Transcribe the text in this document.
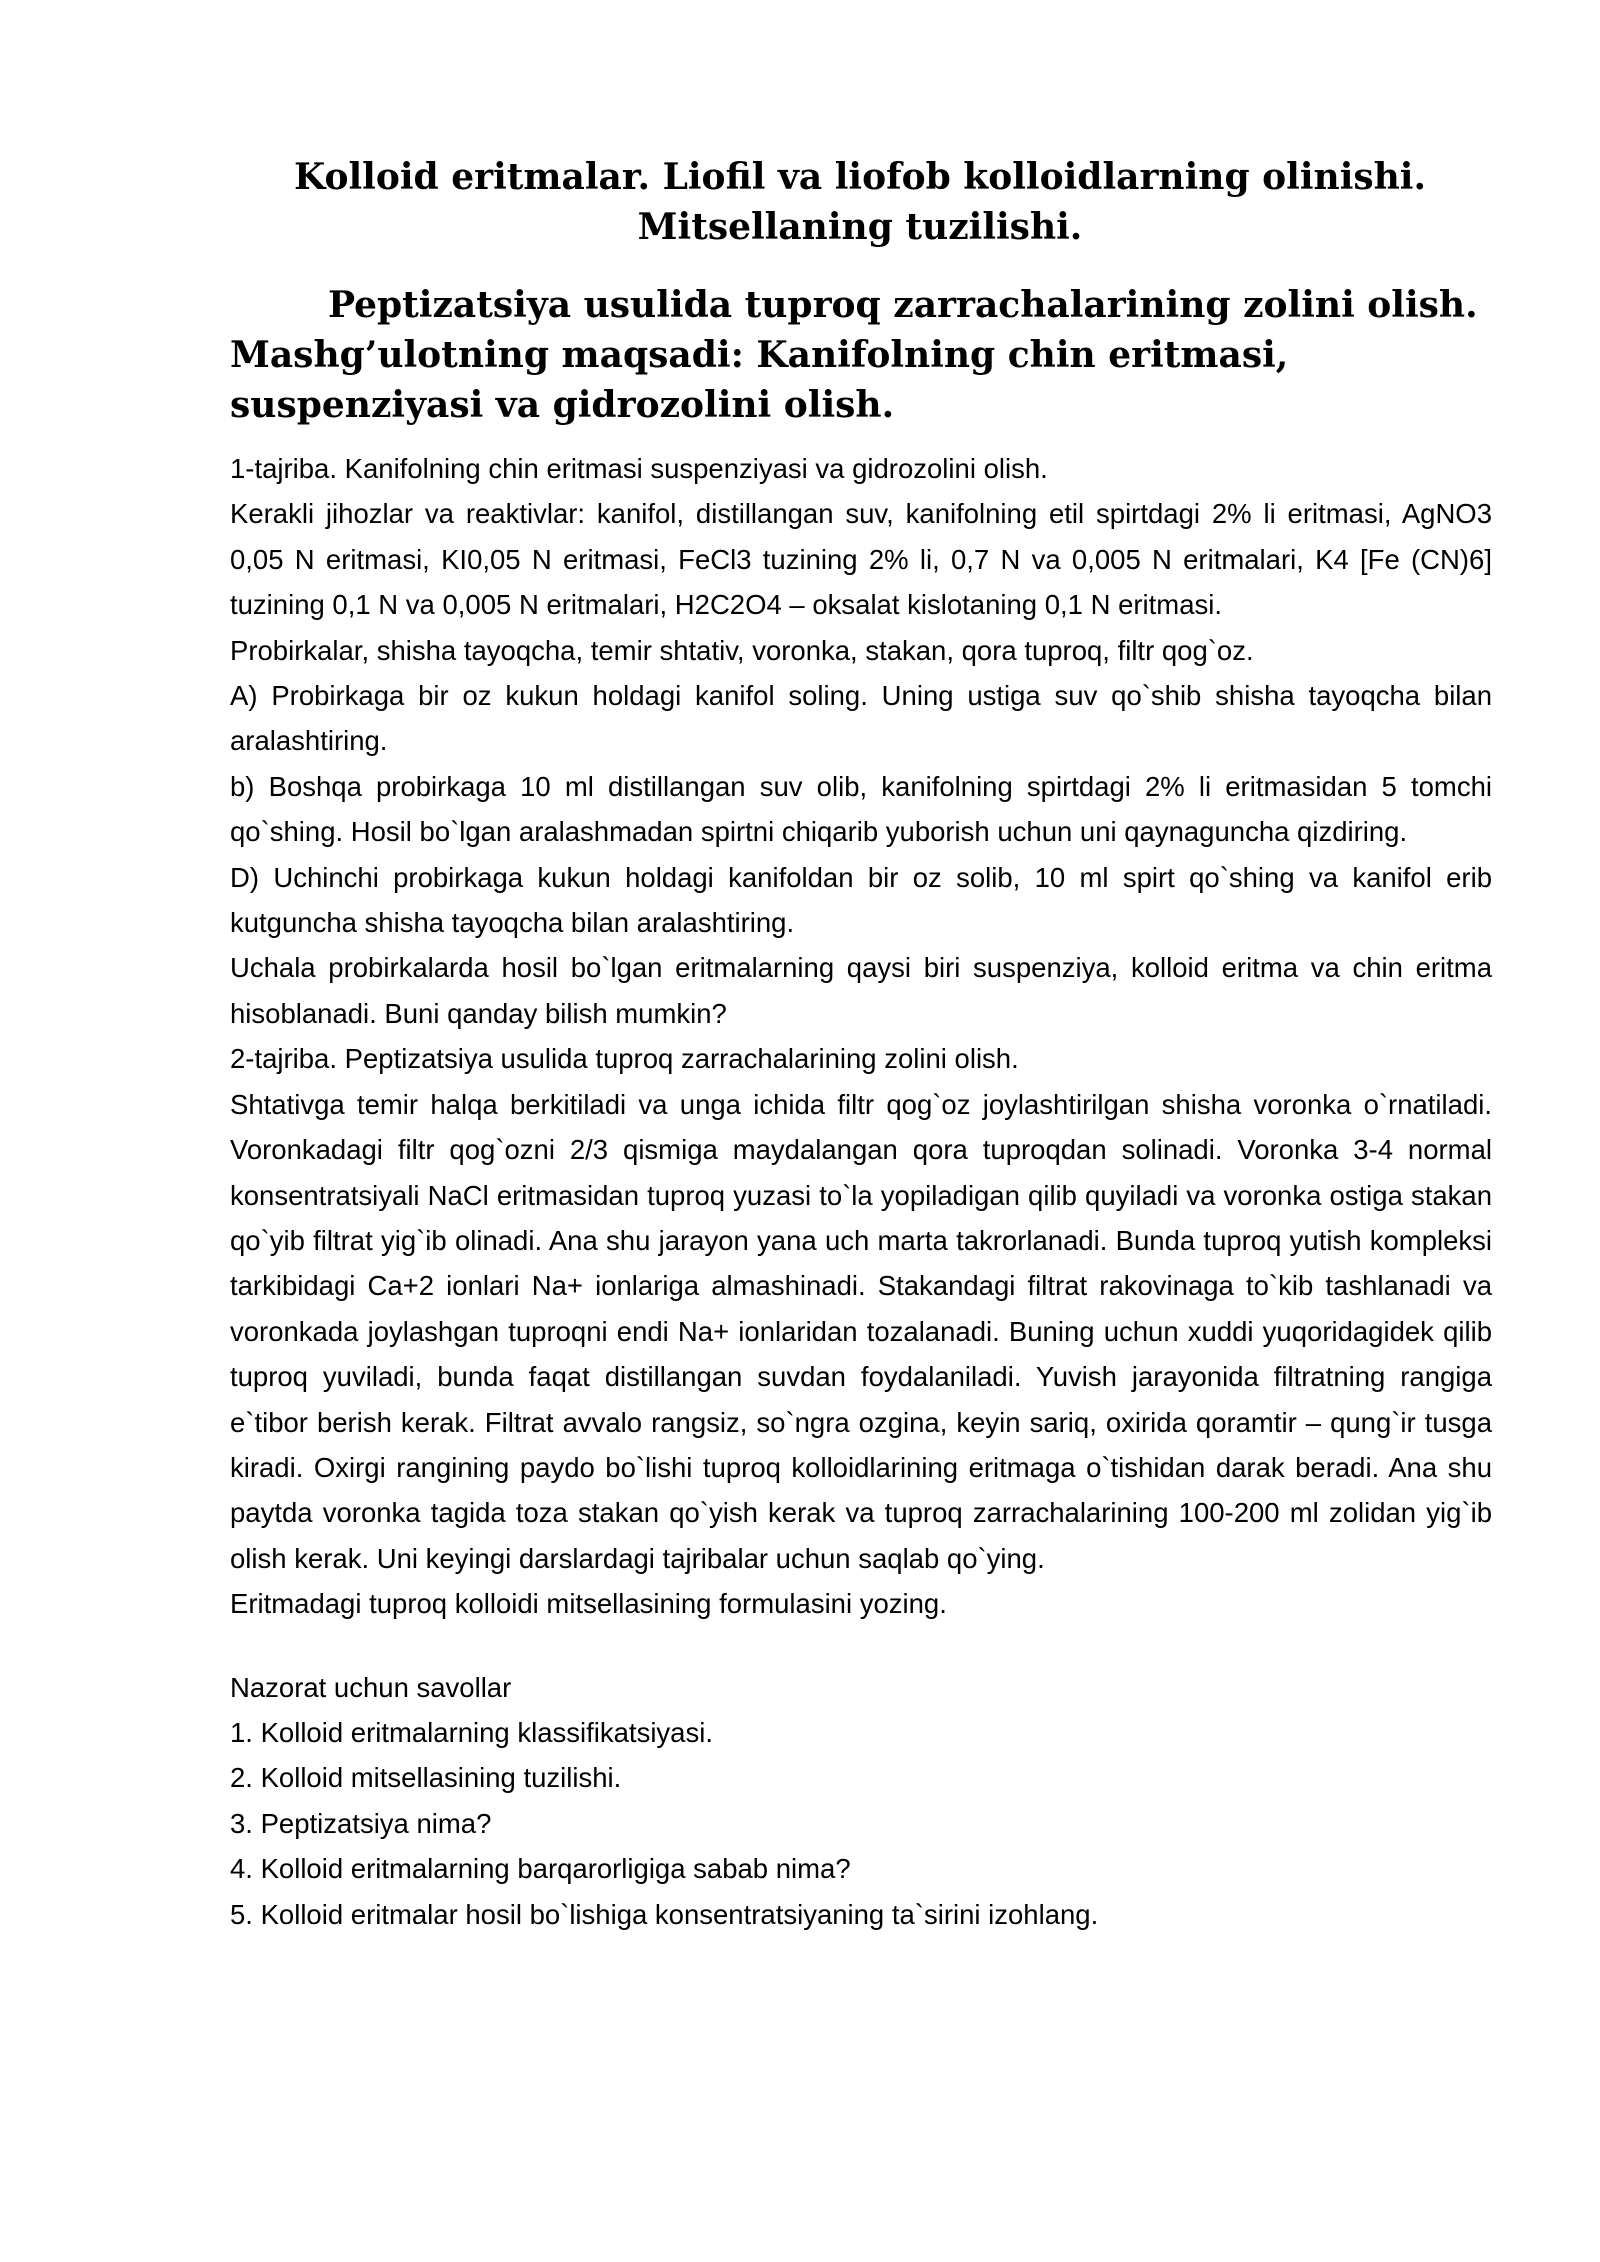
Kolloid eritmalar. Liofil va liofob kolloidlarning olinishi.
Mitsellaning tuzilishi.
Peptizatsiya usulida tuproq zarrachalarining zolini olish.
Mashg’ulotning maqsadi: Kanifolning chin eritmasi, suspenziyasi va gidrozolini olish.

1-tajriba. Kanifolning chin eritmasi suspenziyasi va gidrozolini olish.

Kerakli jihozlar va reaktivlar: kanifol, distillangan suv, kanifolning etil spirtdagi 2% li eritmasi, AgNO3 0,05 N eritmasi, KI0,05 N eritmasi, FeCl3 tuzining 2% li, 0,7 N va 0,005 N eritmalari, K4 [Fe (CN)6] tuzining 0,1 N va 0,005 N eritmalari, H2C2O4 – oksalat kislotaning 0,1 N eritmasi.

Probirkalar, shisha tayoqcha, temir shtativ, voronka, stakan, qora tuproq, filtr qog`oz.

A) Probirkaga bir oz kukun holdagi kanifol soling. Uning ustiga suv qo`shib shisha tayoqcha bilan aralashtiring.

b) Boshqa probirkaga 10 ml distillangan suv olib, kanifolning spirtdagi 2% li eritmasidan 5 tomchi qo`shing. Hosil bo`lgan aralashmadan spirtni chiqarib yuborish uchun uni qaynaguncha qizdiring.

D) Uchinchi probirkaga kukun holdagi kanifoldan bir oz solib, 10 ml spirt qo`shing va kanifol erib kutguncha shisha tayoqcha bilan aralashtiring.

Uchala probirkalarda hosil bo`lgan eritmalarning qaysi biri suspenziya, kolloid eritma va chin eritma hisoblanadi. Buni qanday bilish mumkin?

2-tajriba. Peptizatsiya usulida tuproq zarrachalarining zolini olish.

Shtativga temir halqa berkitiladi va unga ichida filtr qog`oz joylashtirilgan shisha voronka o`rnatiladi. Voronkadagi filtr qog`ozni 2/3 qismiga maydalangan qora tuproqdan solinadi. Voronka 3-4 normal konsentratsiyali NaCl eritmasidan tuproq yuzasi to`la yopiladigan qilib quyiladi va voronka ostiga stakan qo`yib filtrat yig`ib olinadi. Ana shu jarayon yana uch marta takrorlanadi. Bunda tuproq yutish kompleksi tarkibidagi Ca+2 ionlari Na+ ionlariga almashinadi. Stakandagi filtrat rakovinaga to`kib tashlanadi va voronkada joylashgan tuproqni endi Na+ ionlaridan tozalanadi. Buning uchun xuddi yuqoridagidek qilib tuproq yuviladi, bunda faqat distillangan suvdan foydalaniladi. Yuvish jarayonida filtratning rangiga e`tibor berish kerak. Filtrat avvalo rangsiz, so`ngra ozgina, keyin sariq, oxirida qoramtir – qung`ir tusga kiradi. Oxirgi rangining paydo bo`lishi tuproq kolloidlarining eritmaga o`tishidan darak beradi. Ana shu paytda voronka tagida toza stakan qo`yish kerak va tuproq zarrachalarining 100-200 ml zolidan yig`ib olish kerak. Uni keyingi darslardagi tajribalar uchun saqlab qo`ying.

Eritmadagi tuproq kolloidi mitsellasining formulasini yozing.

Nazorat uchun savollar

1. Kolloid eritmalarning klassifikatsiyasi.

2. Kolloid mitsellasining tuzilishi.

3. Peptizatsiya nima?

4. Kolloid eritmalarning barqarorligiga sabab nima?

5. Kolloid eritmalar hosil bo`lishiga konsentratsiyaning ta`sirini izohlang.
